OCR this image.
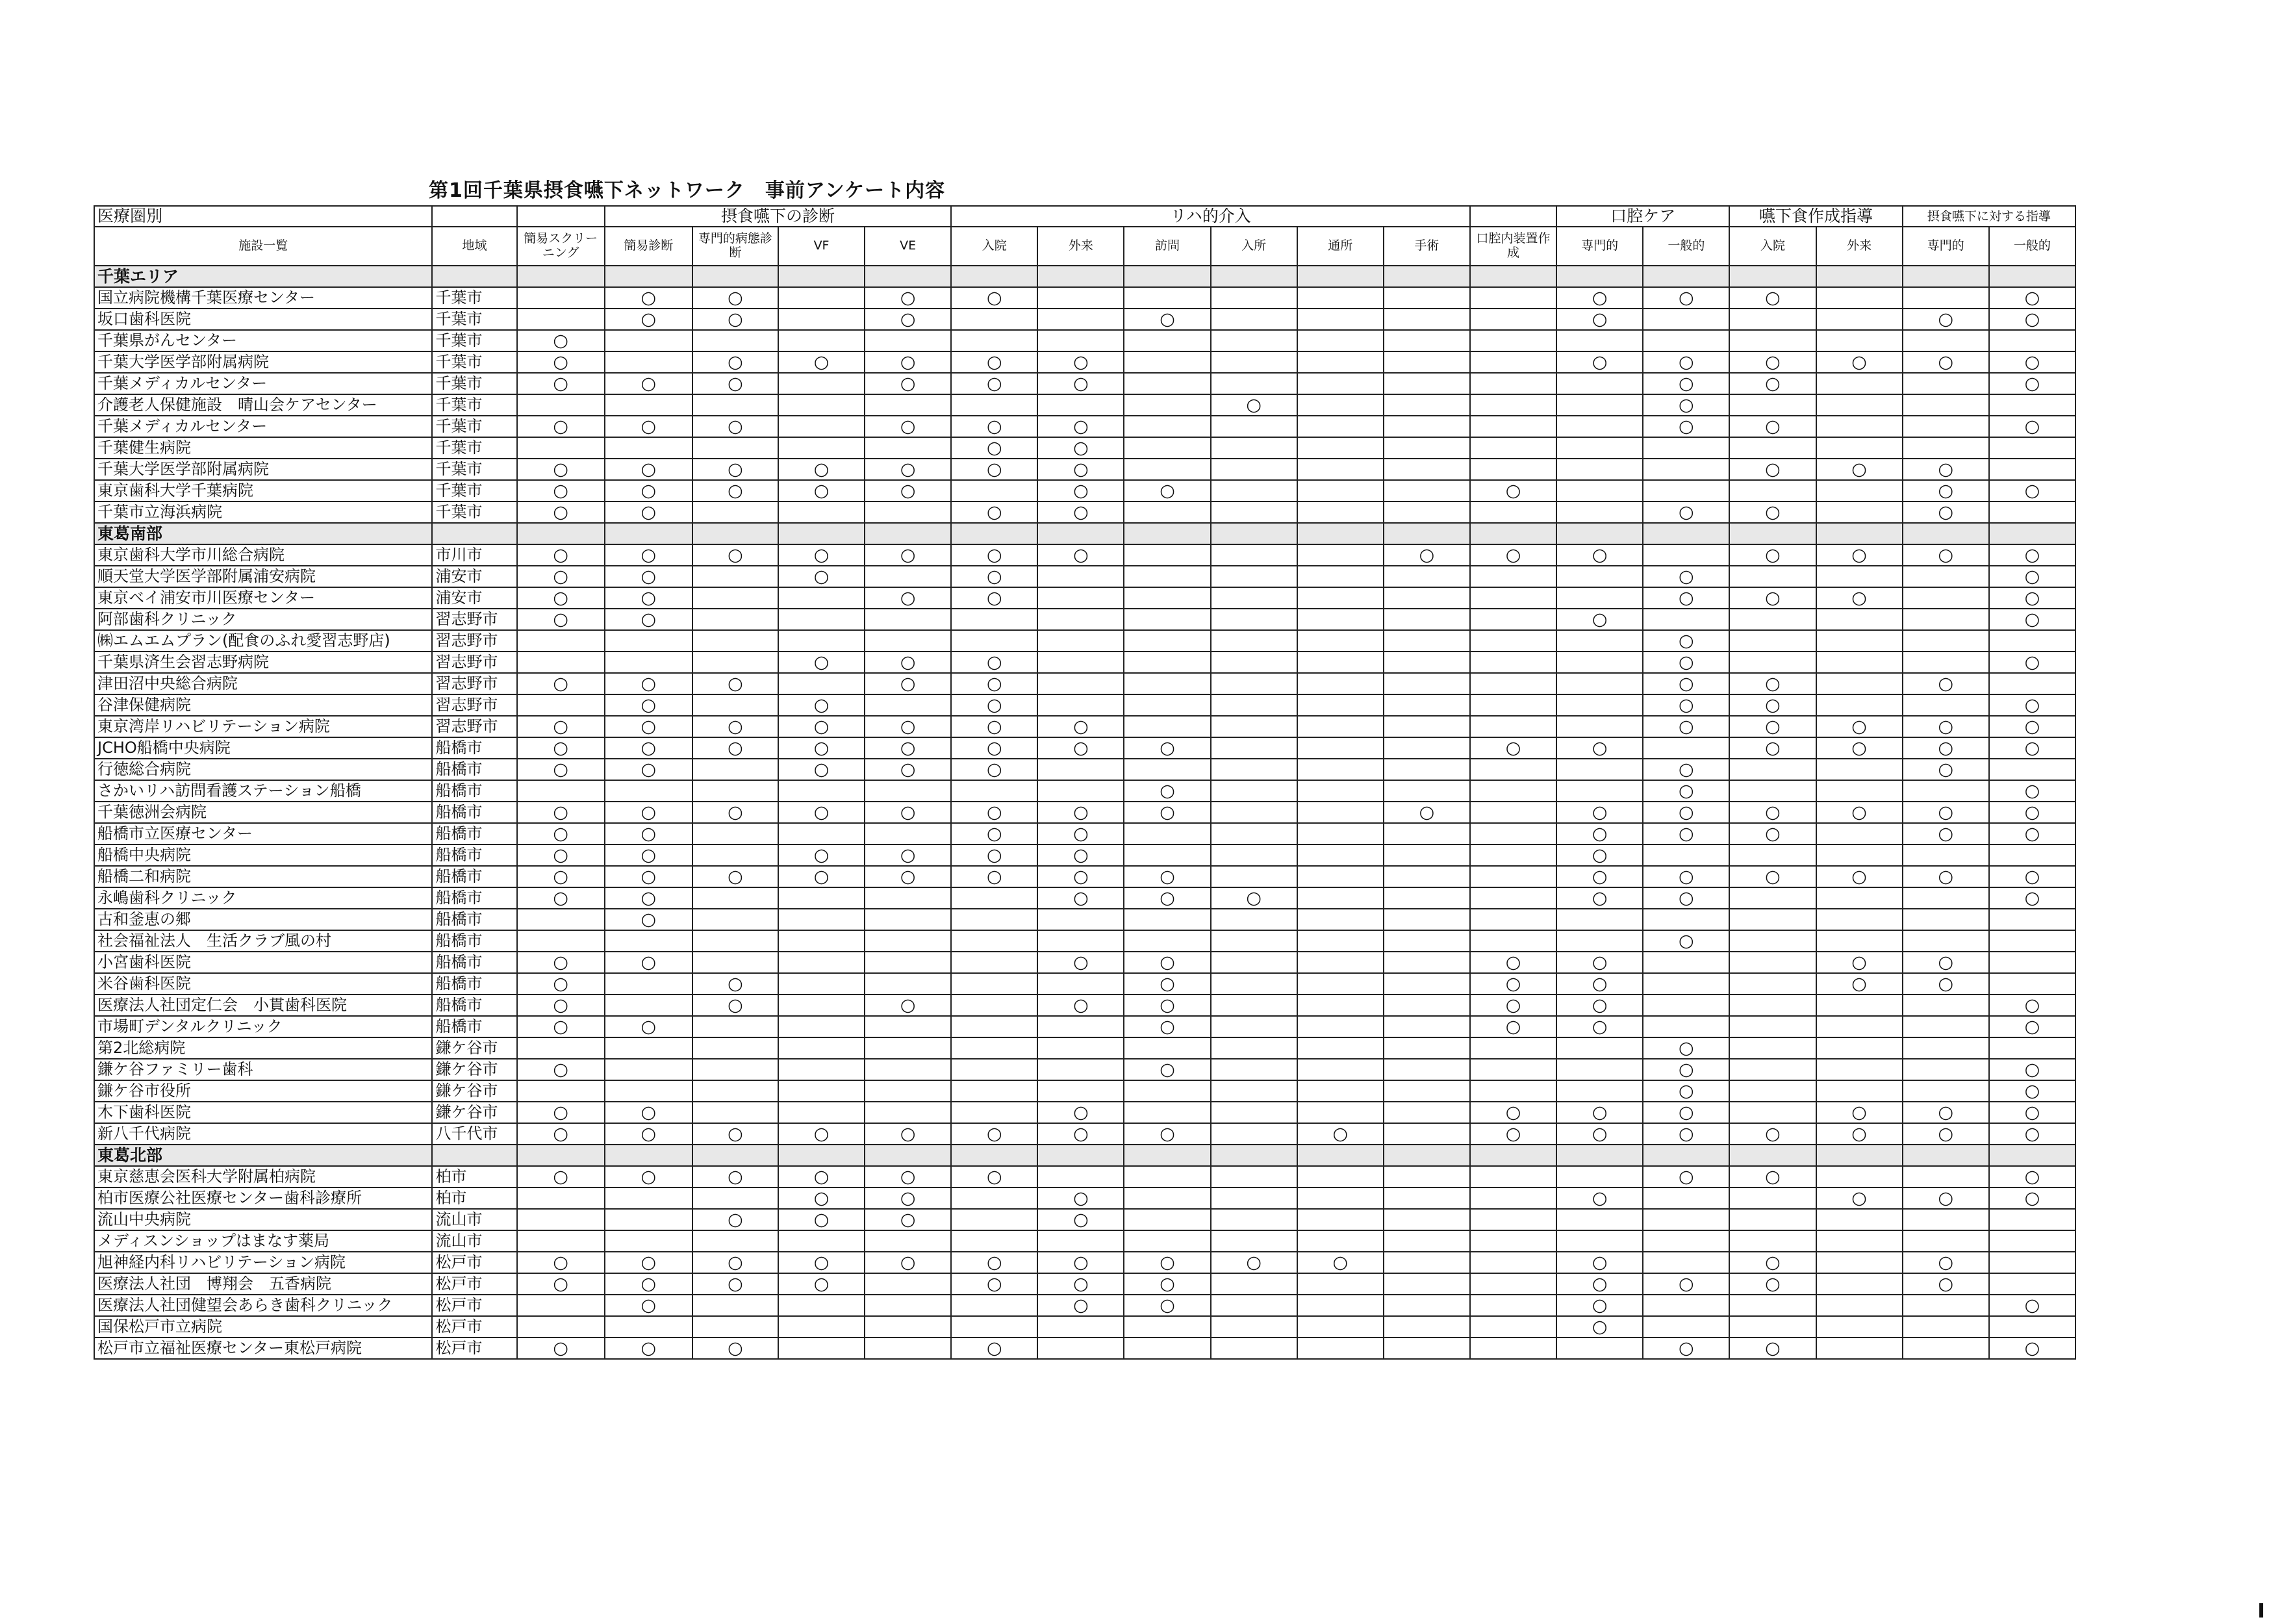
第1回千葉県摂食嚥下ネットワーク　事前アンケート内容
医療圏別			摂食嚥下の診断				リハ的介入							口腔ケア		嚥下食作成指導		摂食嚥下に対する指導	
施設一覧	地域	簡易スクリーニング	簡易診断	専門的病態診断	VF	VE	入院	外来	訪問	入所	通所	手術	口腔内装置作成	専門的	一般的	入院	外来	専門的	一般的
千葉エリア																			
国立病院機構千葉医療センター	千葉市		○	○		○	○							○	○	○			○
坂口歯科医院	千葉市		○	○		○			○					○				○	○
千葉県がんセンター	千葉市	○																	
千葉大学医学部附属病院	千葉市	○		○	○	○	○	○						○	○	○	○	○	○
千葉メディカルセンター	千葉市	○	○	○		○	○	○							○	○			○
介護老人保健施設　晴山会ケアセンター	千葉市									○					○				
千葉メディカルセンター	千葉市	○	○	○		○	○	○							○	○			○
千葉健生病院	千葉市						○	○											
千葉大学医学部附属病院	千葉市	○	○	○	○	○	○	○								○	○	○	
東京歯科大学千葉病院	千葉市	○	○	○	○	○		○	○				○					○	○
千葉市立海浜病院	千葉市	○	○				○	○							○	○		○	
東葛南部																			
東京歯科大学市川総合病院	市川市	○	○	○	○	○	○	○				○	○	○		○	○	○	○
順天堂大学医学部附属浦安病院	浦安市	○	○		○		○								○				○
東京ベイ浦安市川医療センター	浦安市	○	○			○	○								○	○	○		○
阿部歯科クリニック	習志野市	○	○											○					○
㈱エムエムプラン(配食のふれ愛習志野店)	習志野市														○				
千葉県済生会習志野病院	習志野市				○	○	○								○				○
津田沼中央総合病院	習志野市	○	○	○		○	○								○	○		○	
谷津保健病院	習志野市		○		○		○								○	○			○
東京湾岸リハビリテーション病院	習志野市	○	○	○	○	○	○	○							○	○	○	○	○
JCHO船橋中央病院	船橋市	○	○	○	○	○	○	○	○				○	○		○	○	○	○
行徳総合病院	船橋市	○	○		○	○	○								○			○	
さかいリハ訪問看護ステーション船橋	船橋市								○						○				○
千葉徳洲会病院	船橋市	○	○	○	○	○	○	○	○			○		○	○	○	○	○	○
船橋市立医療センター	船橋市	○	○				○	○						○	○	○		○	○
船橋中央病院	船橋市	○	○		○	○	○	○						○					
船橋二和病院	船橋市	○	○	○	○	○	○	○	○					○	○	○	○	○	○
永嶋歯科クリニック	船橋市	○	○					○	○	○				○	○				○
古和釜恵の郷	船橋市		○																
社会福祉法人　生活クラブ風の村	船橋市														○				
小宮歯科医院	船橋市	○	○					○	○				○	○			○	○	
米谷歯科医院	船橋市	○		○					○				○	○			○	○	
医療法人社団定仁会　小貫歯科医院	船橋市	○		○		○		○	○				○	○					○
市場町デンタルクリニック	船橋市	○	○						○				○	○					○
第2北総病院	鎌ケ谷市														○				
鎌ケ谷ファミリー歯科	鎌ケ谷市	○							○						○				○
鎌ケ谷市役所	鎌ケ谷市														○				○
木下歯科医院	鎌ケ谷市	○	○					○					○	○	○		○	○	○
新八千代病院	八千代市	○	○	○	○	○	○	○	○		○		○	○	○	○	○	○	○
東葛北部																			
東京慈恵会医科大学附属柏病院	柏市	○	○	○	○	○	○								○	○			○
柏市医療公社医療センター歯科診療所	柏市				○	○		○						○			○	○	○
流山中央病院	流山市			○	○	○		○											
メディスンショップはまなす薬局	流山市																		
旭神経内科リハビリテーション病院	松戸市	○	○	○	○	○	○	○	○	○	○			○		○		○	
医療法人社団　博翔会　五香病院	松戸市	○	○	○	○		○	○	○					○	○	○		○	
医療法人社団健望会あらき歯科クリニック	松戸市		○					○	○					○					○
国保松戸市立病院	松戸市													○					
松戸市立福祉医療センター東松戸病院	松戸市	○	○	○			○								○	○			○
